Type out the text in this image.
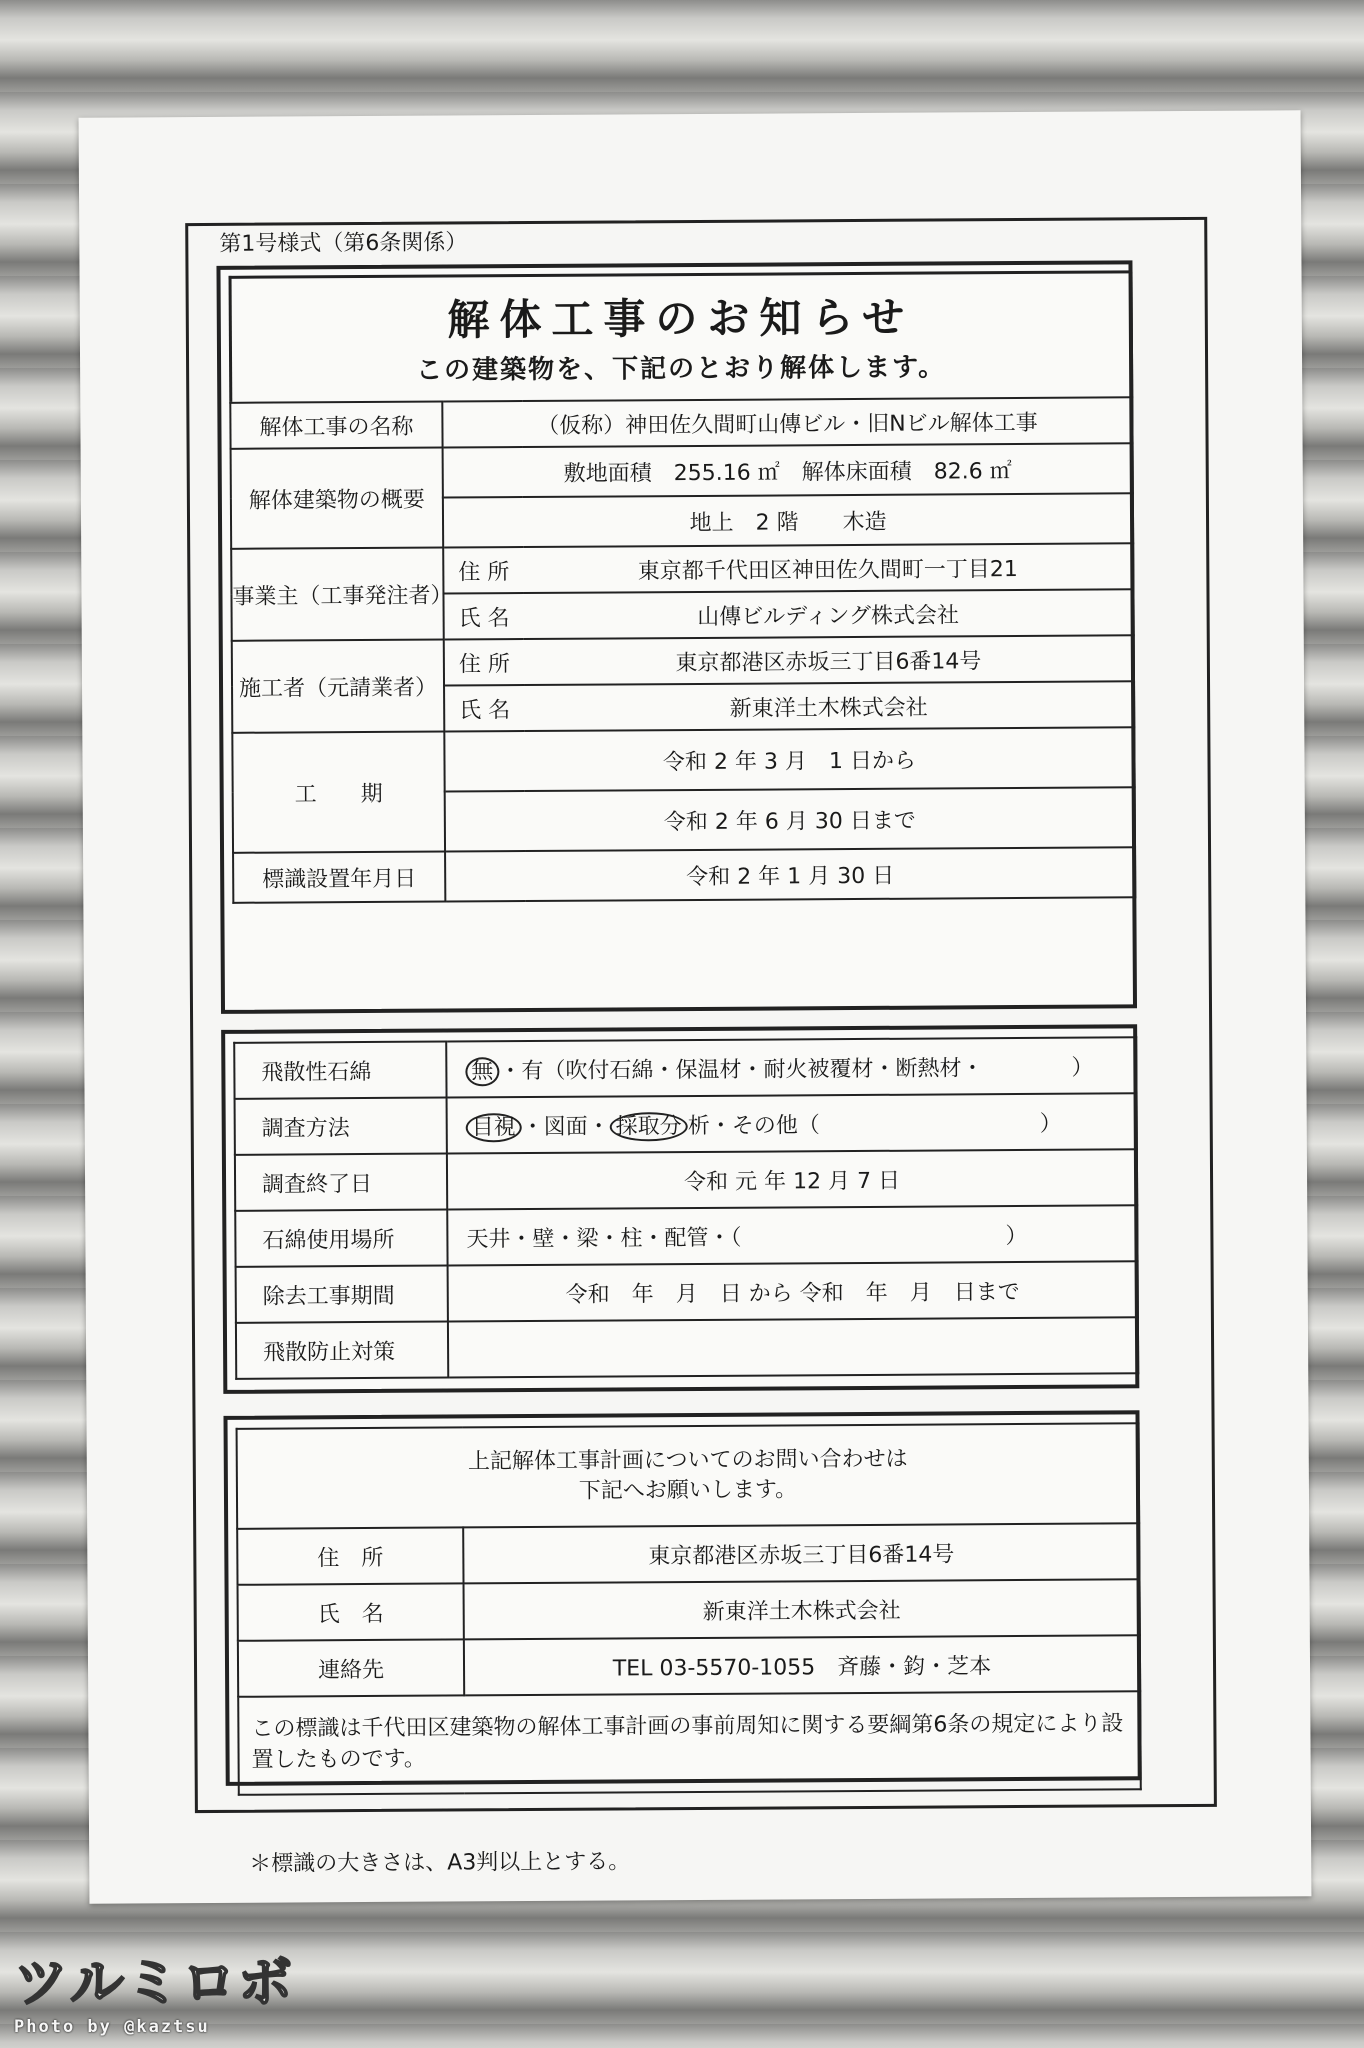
第1号様式（第6条関係）
解体工事のお知らせ
この建築物を、下記のとおり解体します。
解体工事の名称	（仮称）神田佐久間町山傳ビル・旧Nビル解体工事	
解体建築物の概要	敷地面積　255.16 ㎡　解体床面積　82.6 ㎡	
	地上　2 階　　木造	
事業主（工事発注者）	住 所	東京都千代田区神田佐久間町一丁目21
	氏 名	山傳ビルディング株式会社
施工者（元請業者）	住 所	東京都港区赤坂三丁目6番14号
	氏 名	新東洋土木株式会社
工　　期	令和 2 年 3 月　1 日から	
	令和 2 年 6 月 30 日まで	
標識設置年月日	令和 2 年 1 月 30 日	
飛散性石綿	無 ・有（吹付石綿・保温材・耐火被覆材・断熱材・　　　　）
調査方法	目視 ・図面・ 採取分 析・その他（　　　　　　　　　　）
調査終了日	令和 元 年 12 月 7 日
石綿使用場所	天井・壁・梁・柱・配管・（　　　　　　　　　　　　）
除去工事期間	令和　年　月　日 から 令和　年　月　日まで
飛散防止対策	
上記解体工事計画についてのお問い合わせは
下記へお願いします。	

住　所	東京都港区赤坂三丁目6番14号
氏　名	新東洋土木株式会社
連絡先	TEL 03-5570-1055　斉藤・鈞・芝本
この標識は千代田区建築物の解体工事計画の事前周知に関する要綱第6条の規定により設置したものです。	
＊標識の大きさは、A3判以上とする。
ツルミロボ
Photo by @kaztsu
